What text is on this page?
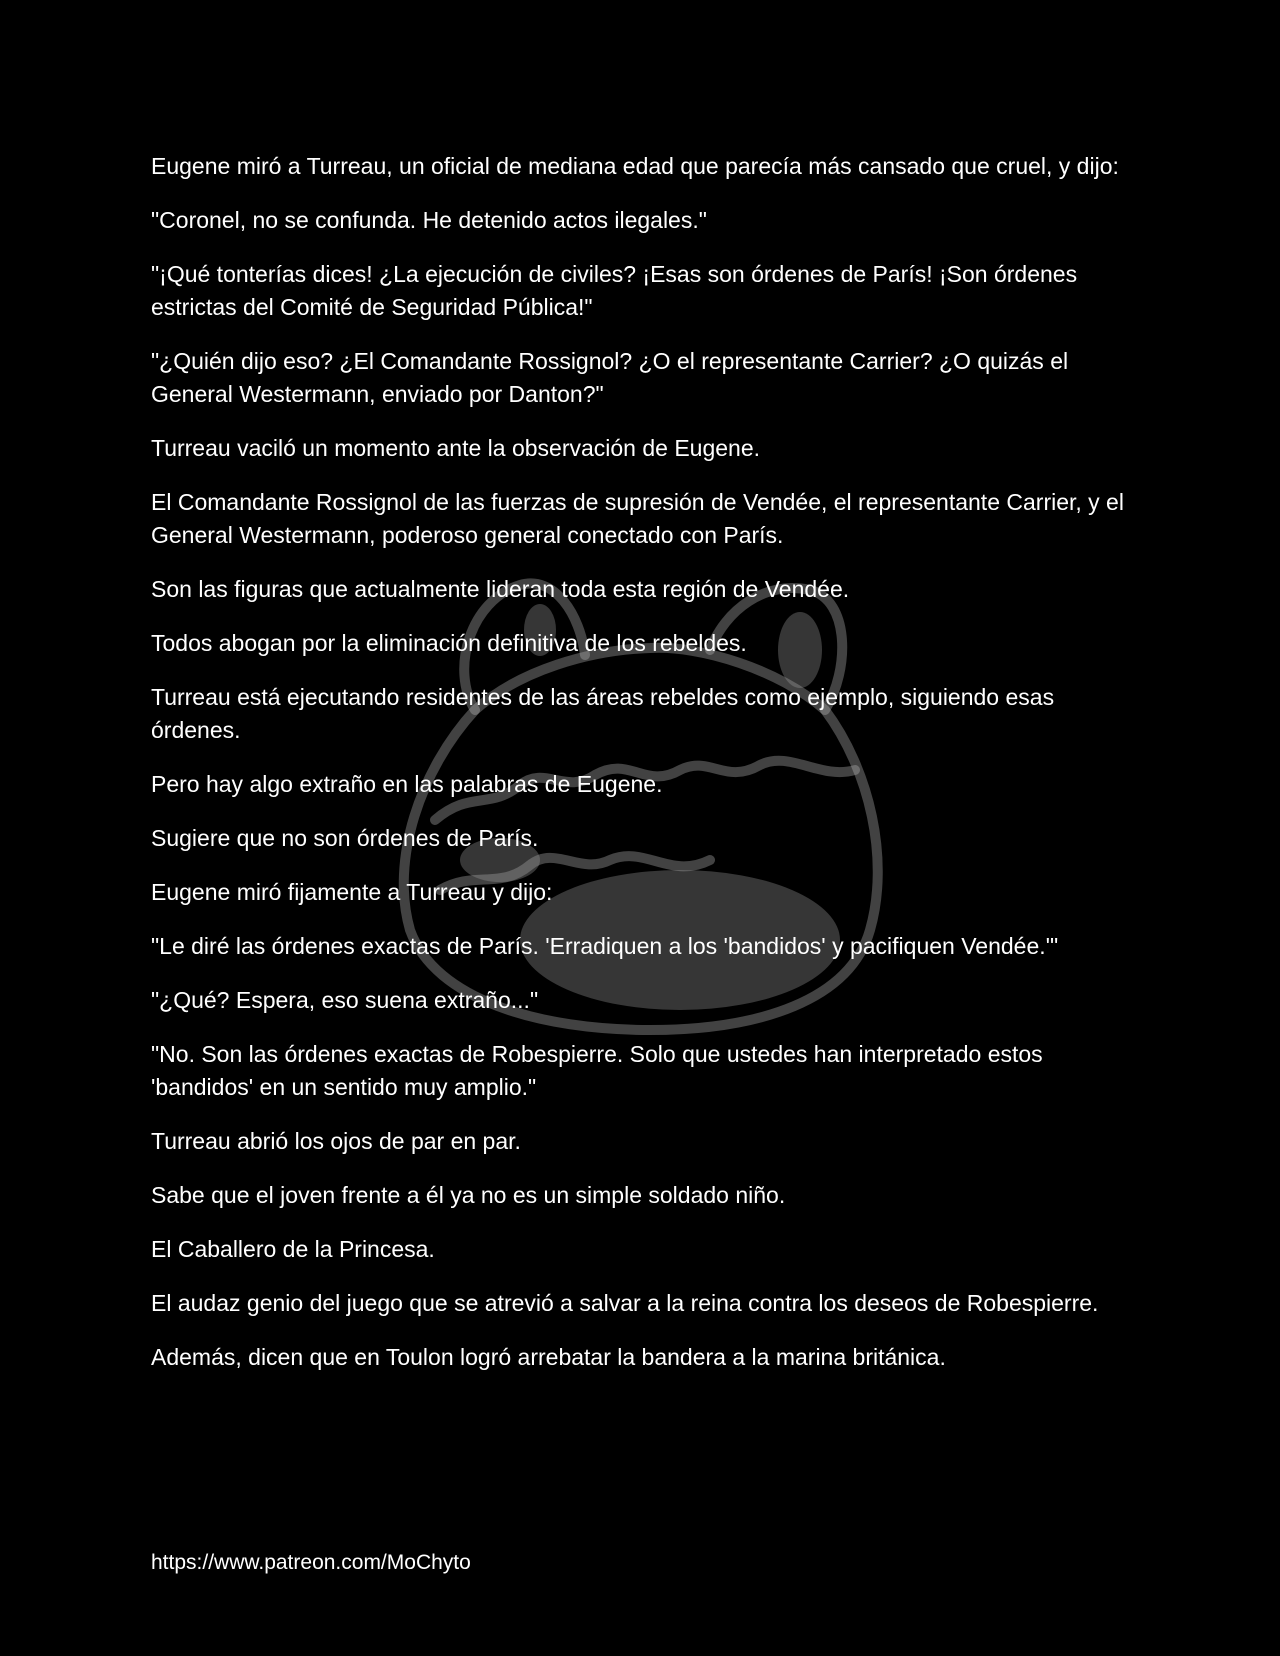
Eugene miró a Turreau, un oficial de mediana edad que parecía más cansado que cruel, y dijo:

"Coronel, no se confunda. He detenido actos ilegales."

"¡Qué tonterías dices! ¿La ejecución de civiles? ¡Esas son órdenes de París! ¡Son órdenes estrictas del Comité de Seguridad Pública!"

"¿Quién dijo eso? ¿El Comandante Rossignol? ¿O el representante Carrier? ¿O quizás el General Westermann, enviado por Danton?"

Turreau vaciló un momento ante la observación de Eugene.

El Comandante Rossignol de las fuerzas de supresión de Vendée, el representante Carrier, y el General Westermann, poderoso general conectado con París.

Son las figuras que actualmente lideran toda esta región de Vendée.

Todos abogan por la eliminación definitiva de los rebeldes.

Turreau está ejecutando residentes de las áreas rebeldes como ejemplo, siguiendo esas órdenes.

Pero hay algo extraño en las palabras de Eugene.

Sugiere que no son órdenes de París.

Eugene miró fijamente a Turreau y dijo:

"Le diré las órdenes exactas de París. 'Erradiquen a los 'bandidos' y pacifiquen Vendée.'"

"¿Qué? Espera, eso suena extraño..."

"No. Son las órdenes exactas de Robespierre. Solo que ustedes han interpretado estos 'bandidos' en un sentido muy amplio."

Turreau abrió los ojos de par en par.

Sabe que el joven frente a él ya no es un simple soldado niño.

El Caballero de la Princesa.

El audaz genio del juego que se atrevió a salvar a la reina contra los deseos de Robespierre.

Además, dicen que en Toulon logró arrebatar la bandera a la marina británica.

https://www.patreon.com/MoChyto
